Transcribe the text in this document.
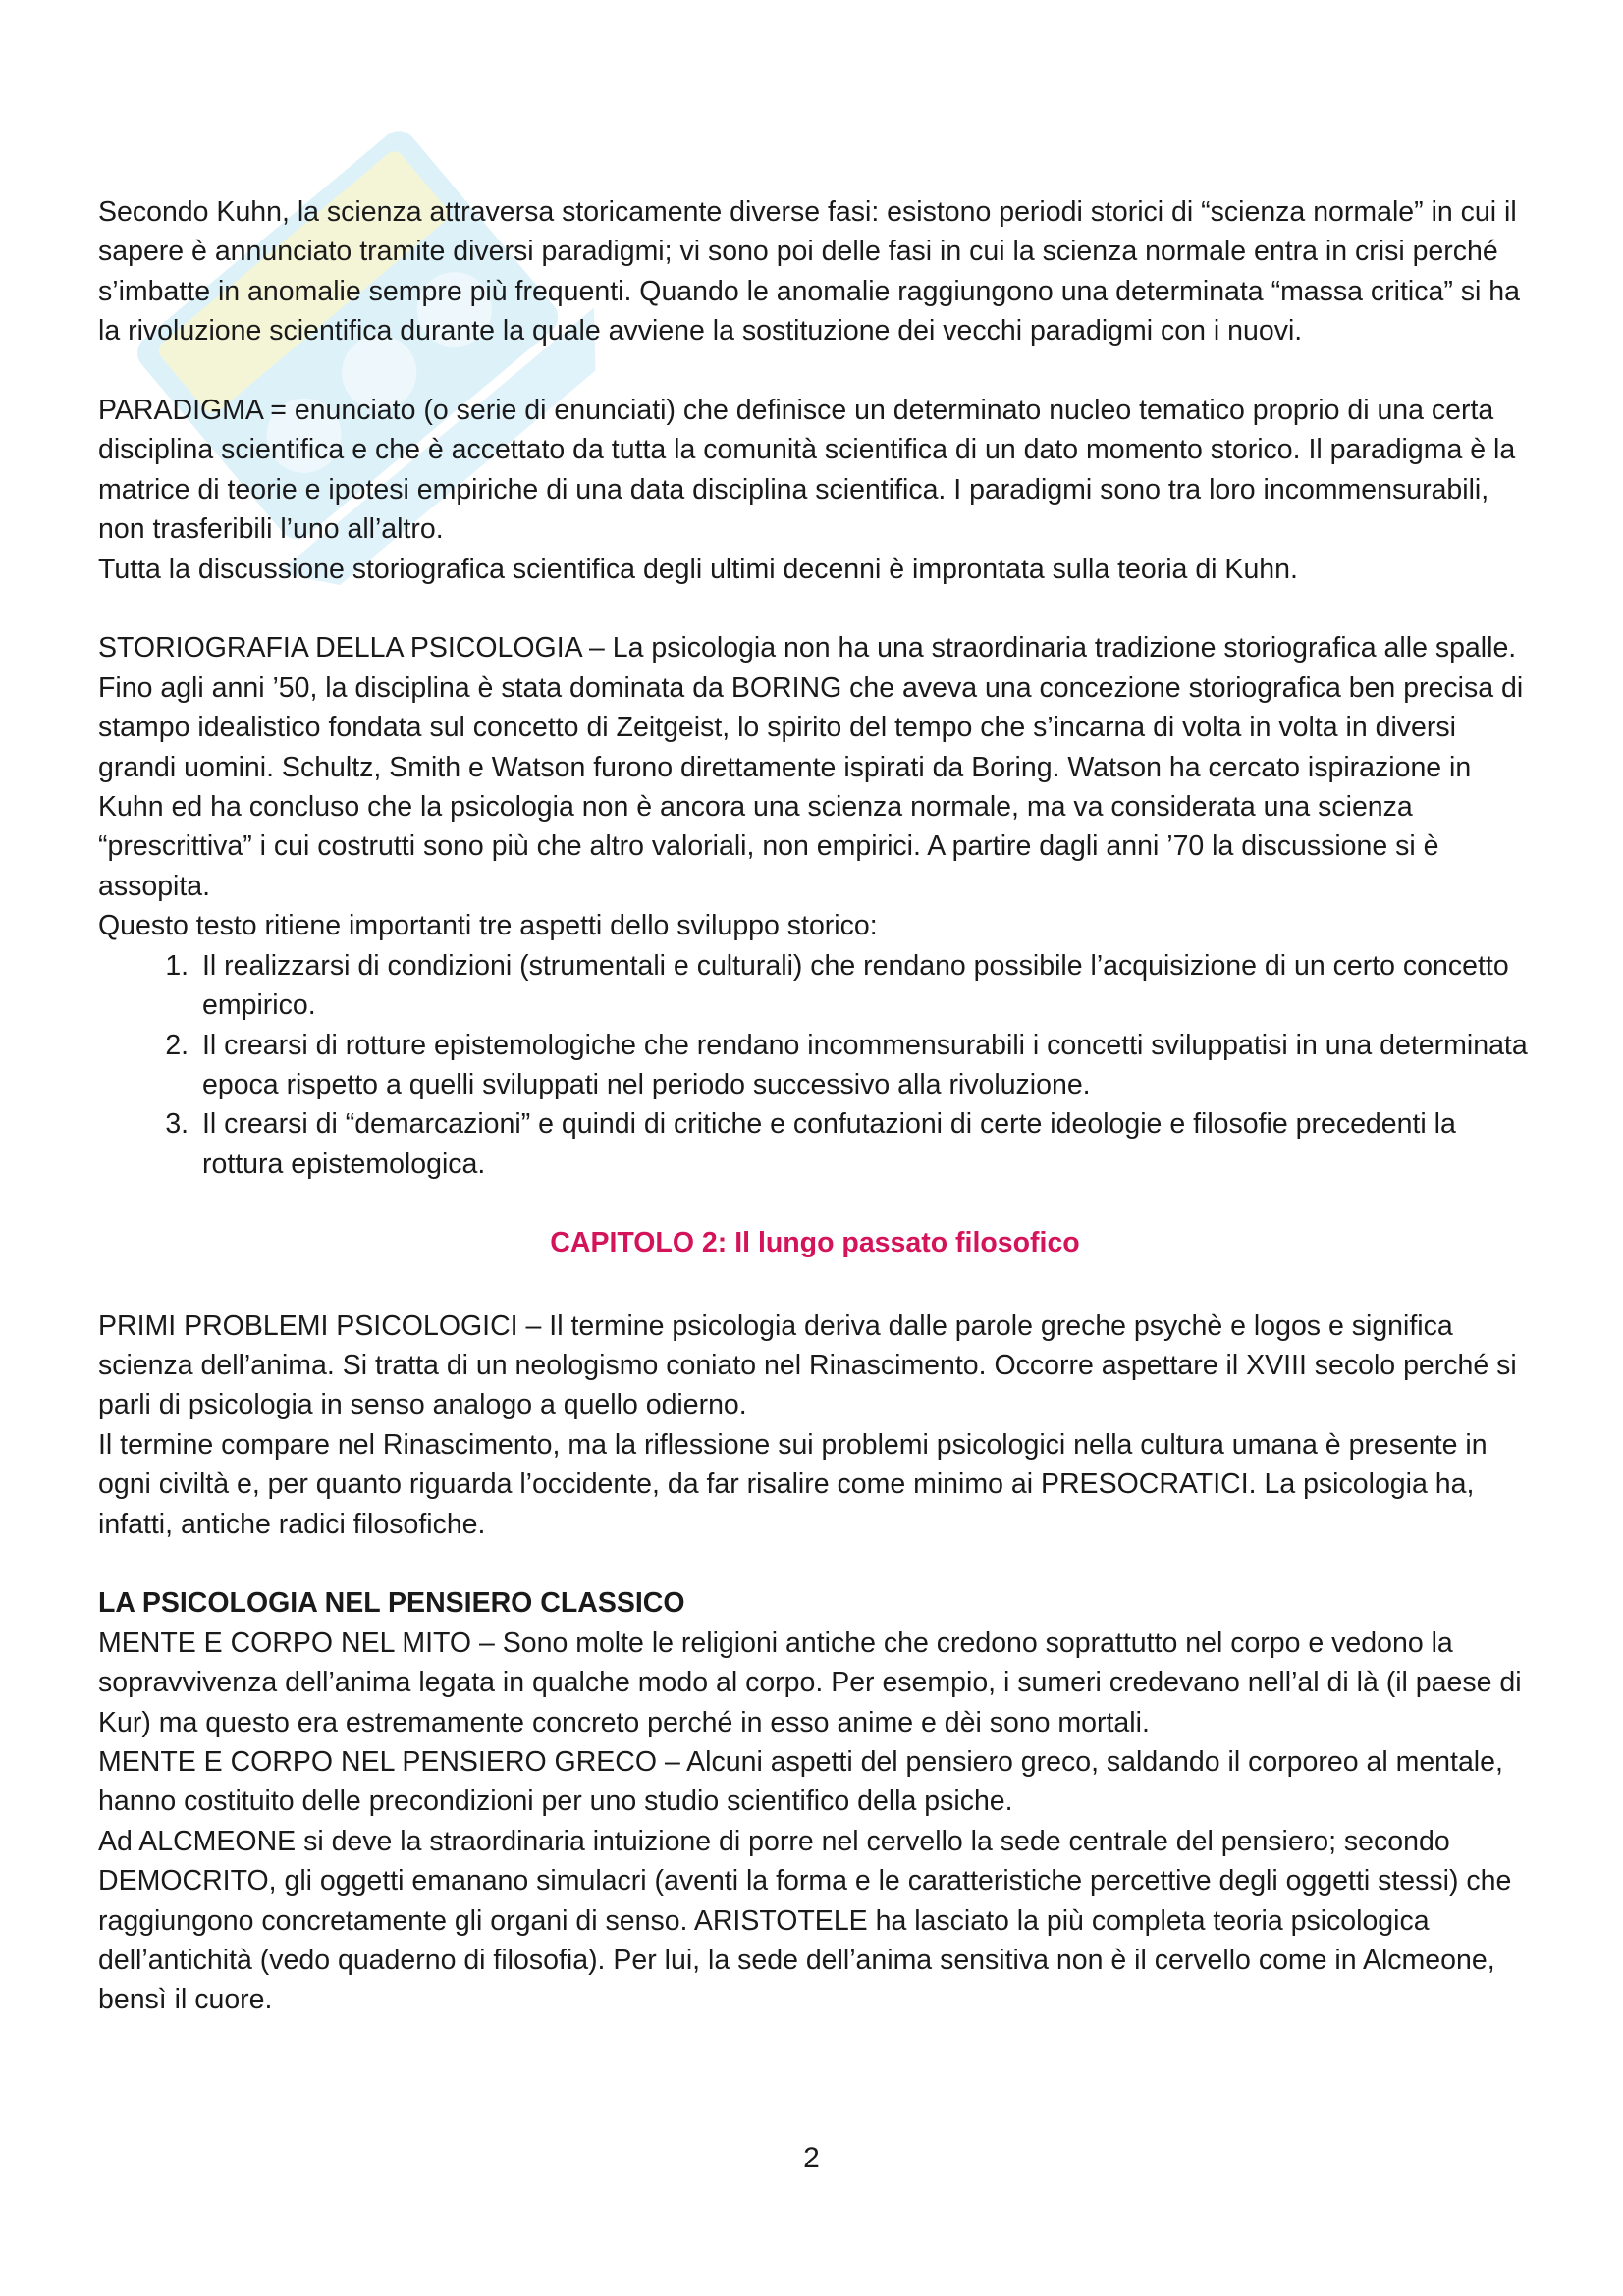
Secondo Kuhn, la scienza attraversa storicamente diverse fasi: esistono periodi storici di “scienza normale” in cui il sapere è annunciato tramite diversi paradigmi; vi sono poi delle fasi in cui la scienza normale entra in crisi perché s’imbatte in anomalie sempre più frequenti. Quando le anomalie raggiungono una determinata “massa critica” si ha la rivoluzione scientifica durante la quale avviene la sostituzione dei vecchi paradigmi con i nuovi.

PARADIGMA = enunciato (o serie di enunciati) che definisce un determinato nucleo tematico proprio di una certa disciplina scientifica e che è accettato da tutta la comunità scientifica di un dato momento storico. Il paradigma è la matrice di teorie e ipotesi empiriche di una data disciplina scientifica. I paradigmi sono tra loro incommensurabili, non trasferibili l’uno all’altro.

Tutta la discussione storiografica scientifica degli ultimi decenni è improntata sulla teoria di Kuhn.

STORIOGRAFIA DELLA PSICOLOGIA – La psicologia non ha una straordinaria tradizione storiografica alle spalle. Fino agli anni ’50, la disciplina è stata dominata da BORING che aveva una concezione storiografica ben precisa di stampo idealistico fondata sul concetto di Zeitgeist, lo spirito del tempo che s’incarna di volta in volta in diversi grandi uomini. Schultz, Smith e Watson furono direttamente ispirati da Boring. Watson ha cercato ispirazione in Kuhn ed ha concluso che la psicologia non è ancora una scienza normale, ma va considerata una scienza “prescrittiva” i cui costrutti sono più che altro valoriali, non empirici. A partire dagli anni ’70 la discussione si è assopita.

Questo testo ritiene importanti tre aspetti dello sviluppo storico:

1. Il realizzarsi di condizioni (strumentali e culturali) che rendano possibile l’acquisizione di un certo concetto empirico.
2. Il crearsi di rotture epistemologiche che rendano incommensurabili i concetti sviluppatisi in una determinata epoca rispetto a quelli sviluppati nel periodo successivo alla rivoluzione.
3. Il crearsi di “demarcazioni” e quindi di critiche e confutazioni di certe ideologie e filosofie precedenti la rottura epistemologica.

CAPITOLO 2: Il lungo passato filosofico

PRIMI PROBLEMI PSICOLOGICI – Il termine psicologia deriva dalle parole greche psychè e logos e significa scienza dell’anima. Si tratta di un neologismo coniato nel Rinascimento. Occorre aspettare il XVIII secolo perché si parli di psicologia in senso analogo a quello odierno.

Il termine compare nel Rinascimento, ma la riflessione sui problemi psicologici nella cultura umana è presente in ogni civiltà e, per quanto riguarda l’occidente, da far risalire come minimo ai PRESOCRATICI. La psicologia ha, infatti, antiche radici filosofiche.

LA PSICOLOGIA NEL PENSIERO CLASSICO

MENTE E CORPO NEL MITO – Sono molte le religioni antiche che credono soprattutto nel corpo e vedono la sopravvivenza dell’anima legata in qualche modo al corpo. Per esempio, i sumeri credevano nell’al di là (il paese di Kur) ma questo era estremamente concreto perché in esso anime e dèi sono mortali.

MENTE E CORPO NEL PENSIERO GRECO – Alcuni aspetti del pensiero greco, saldando il corporeo al mentale, hanno costituito delle precondizioni per uno studio scientifico della psiche.

Ad ALCMEONE si deve la straordinaria intuizione di porre nel cervello la sede centrale del pensiero; secondo DEMOCRITO, gli oggetti emanano simulacri (aventi la forma e le caratteristiche percettive degli oggetti stessi) che raggiungono concretamente gli organi di senso. ARISTOTELE ha lasciato la più completa teoria psicologica dell’antichità (vedo quaderno di filosofia). Per lui, la sede dell’anima sensitiva non è il cervello come in Alcmeone, bensì il cuore.

2
